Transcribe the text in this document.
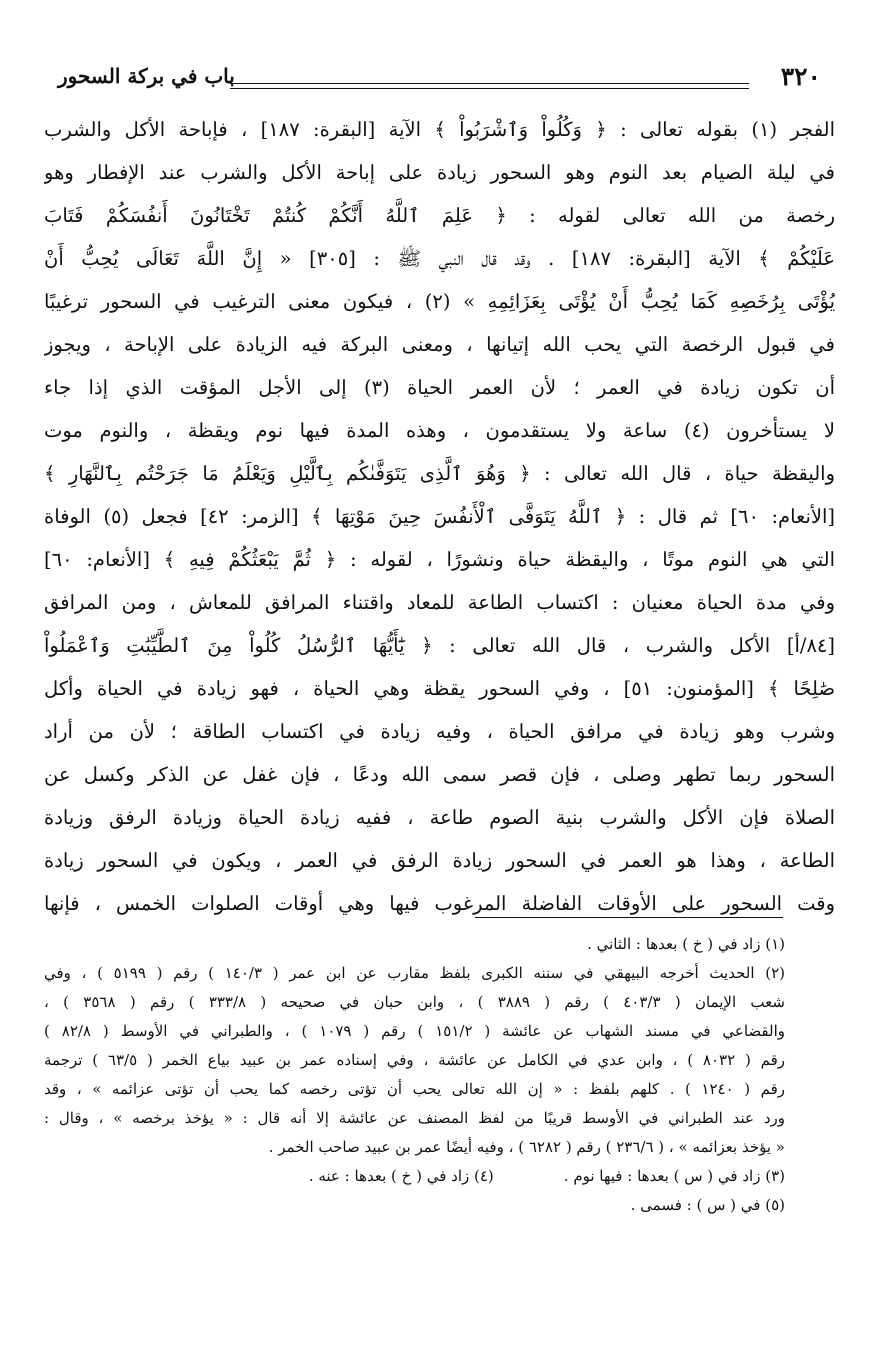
٣٢٠
باب في بركة السحور
الفجر (١) بقوله تعالى : ﴿ وَكُلُواْ وَٱشْرَبُواْ ﴾ الآية [البقرة: ١٨٧] ، فإباحة الأكل والشرب
في ليلة الصيام بعد النوم وهو السحور زيادة على إباحة الأكل والشرب عند الإفطار وهو
رخصة من الله تعالى لقوله : ﴿ عَلِمَ ٱللَّهُ أَنَّكُمْ كُنتُمْ تَخْتَانُونَ أَنفُسَكُمْ فَتَابَ
عَلَيْكُمْ ﴾ الآية [البقرة: ١٨٧] . وقد قال النبي ﷺ : [٣٠٥] « إِنَّ اللَّهَ تَعَالَى يُحِبُّ أَنْ
يُؤْتَى بِرُخَصِهِ كَمَا يُحِبُّ أَنْ يُؤْتَى بِعَزَائِمِهِ » (٢) ، فيكون معنى الترغيب في السحور ترغيبًا
في قبول الرخصة التي يحب الله إتيانها ، ومعنى البركة فيه الزيادة على الإباحة ، ويجوز
أن تكون زيادة في العمر ؛ لأن العمر الحياة (٣) إلى الأجل المؤقت الذي إذا جاء
لا يستأخرون (٤) ساعة ولا يستقدمون ، وهذه المدة فيها نوم ويقظة ، والنوم موت
واليقظة حياة ، قال الله تعالى : ﴿ وَهُوَ ٱلَّذِى يَتَوَفَّىٰكُم بِٱلَّيْلِ وَيَعْلَمُ مَا جَرَحْتُم بِٱلنَّهَارِ ﴾
[الأنعام: ٦٠] ثم قال : ﴿ ٱللَّهُ يَتَوَفَّى ٱلْأَنفُسَ حِينَ مَوْتِهَا ﴾ [الزمر: ٤٢] فجعل (٥) الوفاة
التي هي النوم موتًا ، واليقظة حياة ونشورًا ، لقوله : ﴿ ثُمَّ يَبْعَثُكُمْ فِيهِ ﴾ [الأنعام: ٦٠]
وفي مدة الحياة معنيان : اكتساب الطاعة للمعاد واقتناء المرافق للمعاش ، ومن المرافق
[٨٤/أ] الأكل والشرب ، قال الله تعالى : ﴿ يَٰٓأَيُّهَا ٱلرُّسُلُ كُلُواْ مِنَ ٱلطَّيِّبَٰتِ وَٱعْمَلُواْ
صَٰلِحًا ﴾ [المؤمنون: ٥١] ، وفي السحور يقظة وهي الحياة ، فهو زيادة في الحياة وأكل
وشرب وهو زيادة في مرافق الحياة ، وفيه زيادة في اكتساب الطاقة ؛ لأن من أراد
السحور ربما تطهر وصلى ، فإن قصر سمى الله ودعًا ، فإن غفل عن الذكر وكسل عن
الصلاة فإن الأكل والشرب بنية الصوم طاعة ، ففيه زيادة الحياة وزيادة الرفق وزيادة
الطاعة ، وهذا هو العمر في السحور زيادة الرفق في العمر ، ويكون في السحور زيادة
وقت السحور على الأوقات الفاضلة المرغوب فيها وهي أوقات الصلوات الخمس ، فإنها
(١) زاد في ( خ ) بعدها : الثاني .
(٢) الحديث أخرجه البيهقي في سننه الكبرى بلفظ مقارب عن ابن عمر ( ١٤٠/٣ ) رقم ( ٥١٩٩ ) ، وفي
شعب الإيمان ( ٤٠٣/٣ ) رقم ( ٣٨٨٩ ) ، وابن حبان في صحيحه ( ٣٣٣/٨ ) رقم ( ٣٥٦٨ ) ،
والقضاعي في مسند الشهاب عن عائشة ( ١٥١/٢ ) رقم ( ١٠٧٩ ) ، والطبراني في الأوسط ( ٨٢/٨ )
رقم ( ٨٠٣٢ ) ، وابن عدي في الكامل عن عائشة ، وفي إسناده عمر بن عبيد بياع الخمر ( ٦٣/٥ ) ترجمة
رقم ( ١٢٤٠ ) . كلهم بلفظ : « إن الله تعالى يحب أن تؤتى رخصه كما يحب أن تؤتى عزائمه » ، وقد
ورد عند الطبراني في الأوسط قريبًا من لفظ المصنف عن عائشة إلا أنه قال : « يؤخذ برخصه » ، وقال :
« يؤخذ بعزائمه » ، ( ٢٣٦/٦ ) رقم ( ٦٢٨٢ ) ، وفيه أيضًا عمر بن عبيد صاحب الخمر .
(٣) زاد في ( س ) بعدها : فيها نوم .
(٤) زاد في ( خ ) بعدها : عنه .
(٥) في ( س ) : فسمى .
